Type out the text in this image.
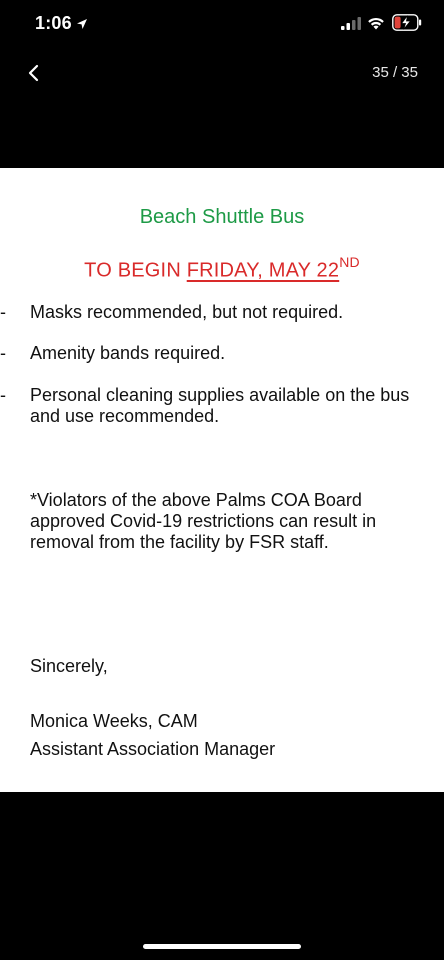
1:06
35 / 35
Beach Shuttle Bus
TO BEGIN FRIDAY, MAY 22ND
-	Masks recommended, but not required.
-	Amenity bands required.
-	Personal cleaning supplies available on the bus and use recommended.
*Violators of the above Palms COA Board approved Covid-19 restrictions can result in removal from the facility by FSR staff.
Sincerely,
Monica Weeks, CAM
Assistant Association Manager
